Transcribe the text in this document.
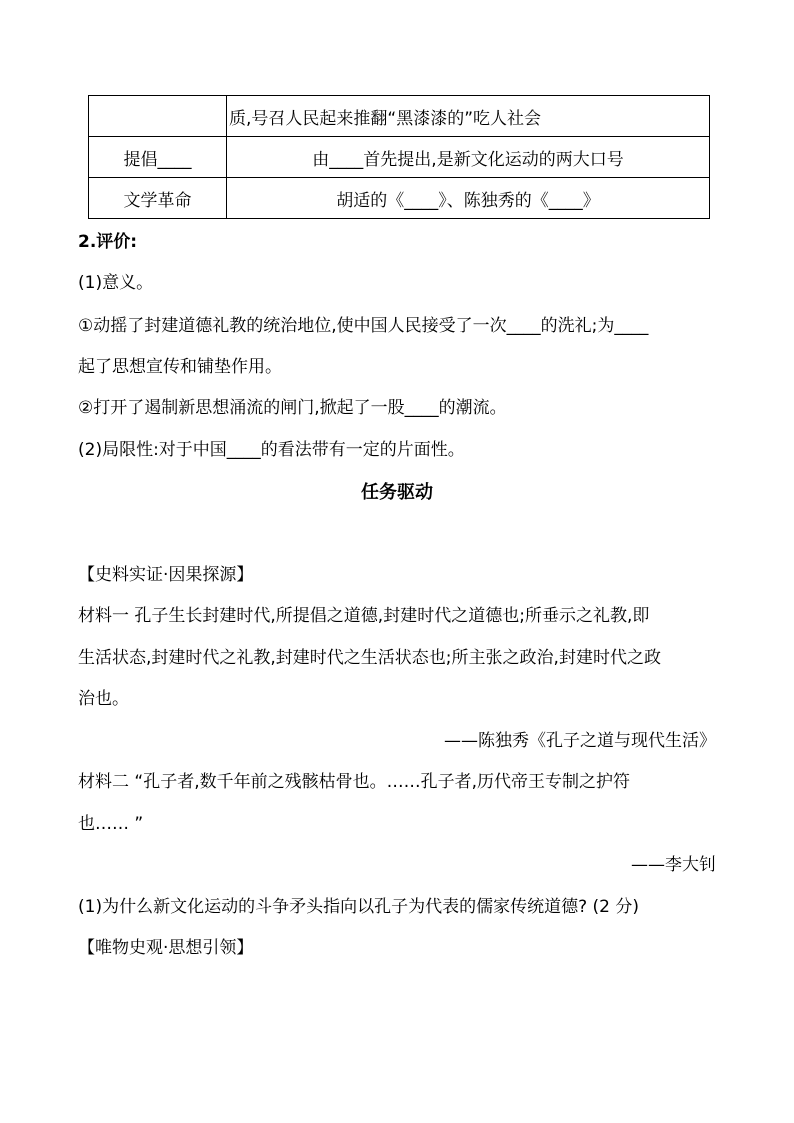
	质,号召人民起来推翻“黑漆漆的”吃人社会
提倡____	由____首先提出,是新文化运动的两大口号
文学革命	胡适的《____》、陈独秀的《____》
2.评价:
(1)意义。
①动摇了封建道德礼教的统治地位,使中国人民接受了一次____的洗礼;为____
起了思想宣传和铺垫作用。
②打开了遏制新思想涌流的闸门,掀起了一股____的潮流。
(2)局限性:对于中国____的看法带有一定的片面性。
任务驱动
【史料实证·因果探源】
材料一 孔子生长封建时代,所提倡之道德,封建时代之道德也;所垂示之礼教,即
生活状态,封建时代之礼教,封建时代之生活状态也;所主张之政治,封建时代之政
治也。
——陈独秀《孔子之道与现代生活》
材料二 “孔子者,数千年前之残骸枯骨也。……孔子者,历代帝王专制之护符
也…… ”
——李大钊
(1)为什么新文化运动的斗争矛头指向以孔子为代表的儒家传统道德? (2 分)
【唯物史观·思想引领】
